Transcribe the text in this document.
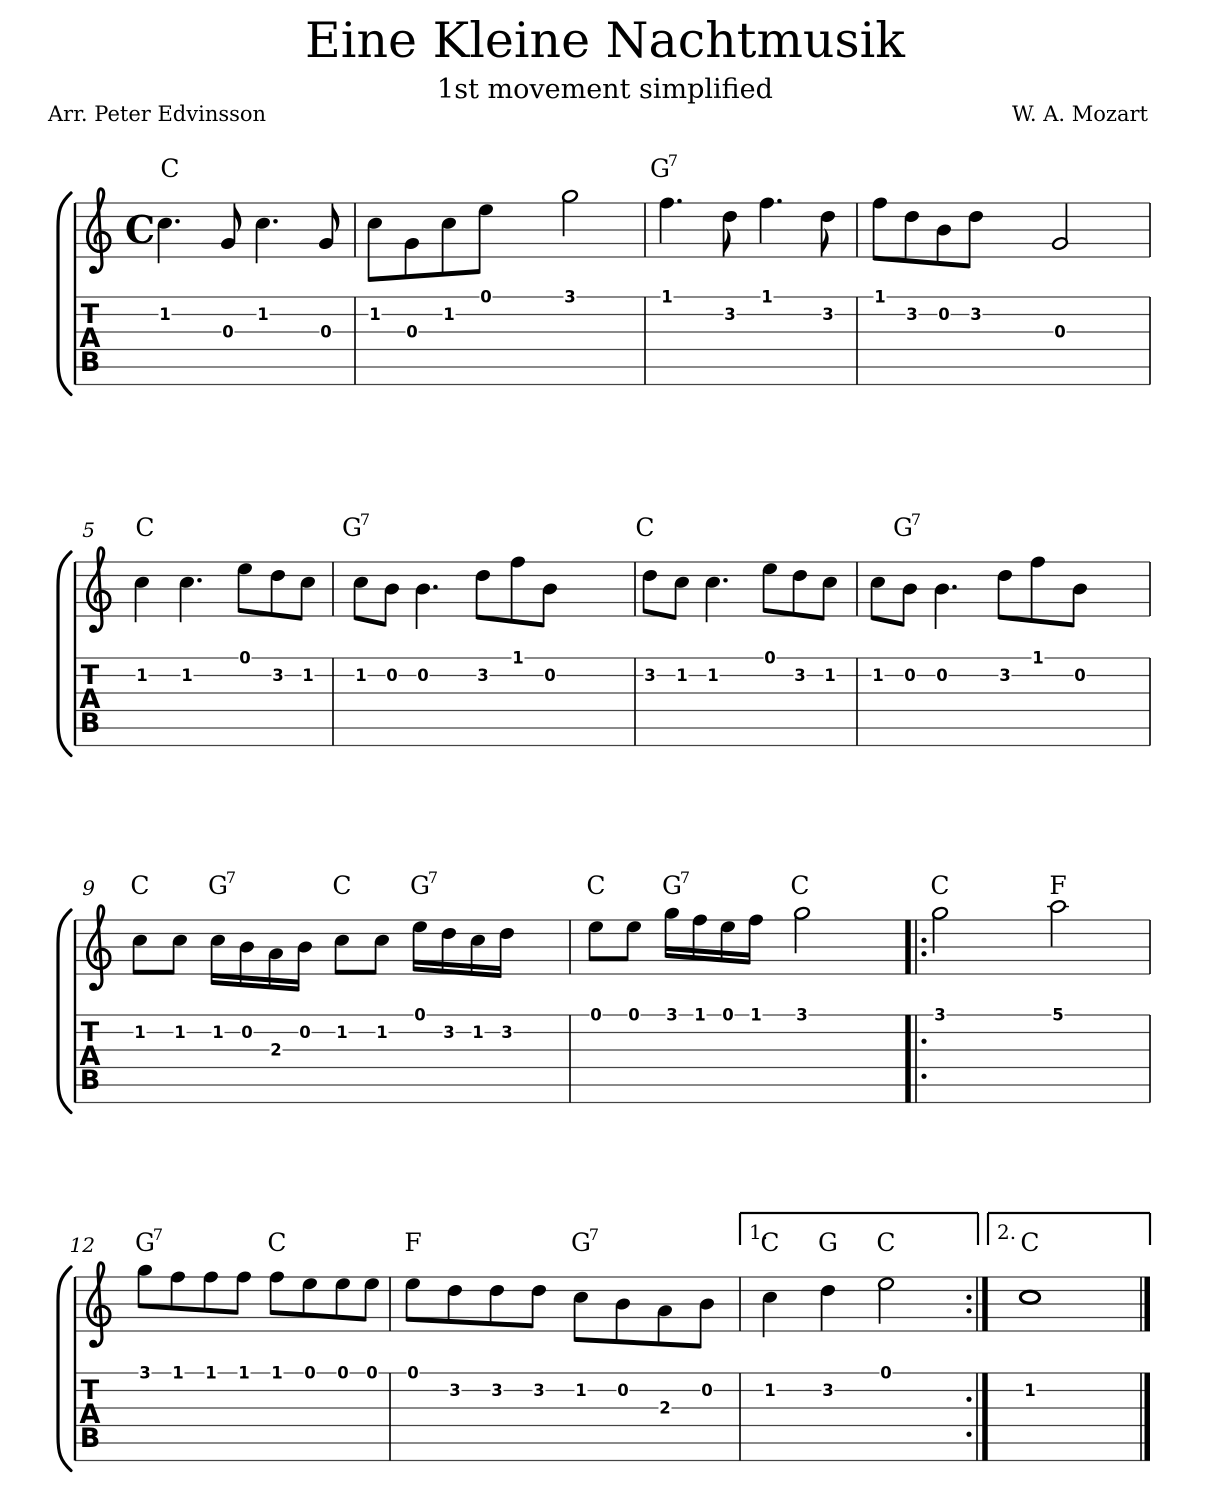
Eine Kleine Nachtmusik
1st movement simplified
Arr. Peter Edvinsson	W. A. Mozart
T
A
B
C
C	G
7
1
0
1
0
1
0
1
0	3	1
3
1
3
1
3 0 3
0
T
A
B
5 C	G
7	C	G
7
1 1
0
3 1	1 0 0	3
1
0	3 1 1
0
3 1 1 0 0	3
1
0
T
A
B
9 C G
7	C G
7	C G
7	C	C	F
1 1 1 0
2
0 1 1
0
3 1 3
0 0 3 1 0 1 3	3	5
T
A
B
12 G
7	C	F	G
7
3 1 1 1 1 0 0 0 0
3 3 3 1 0
2
0	1	3
0
1
1.
C G C	2. C
